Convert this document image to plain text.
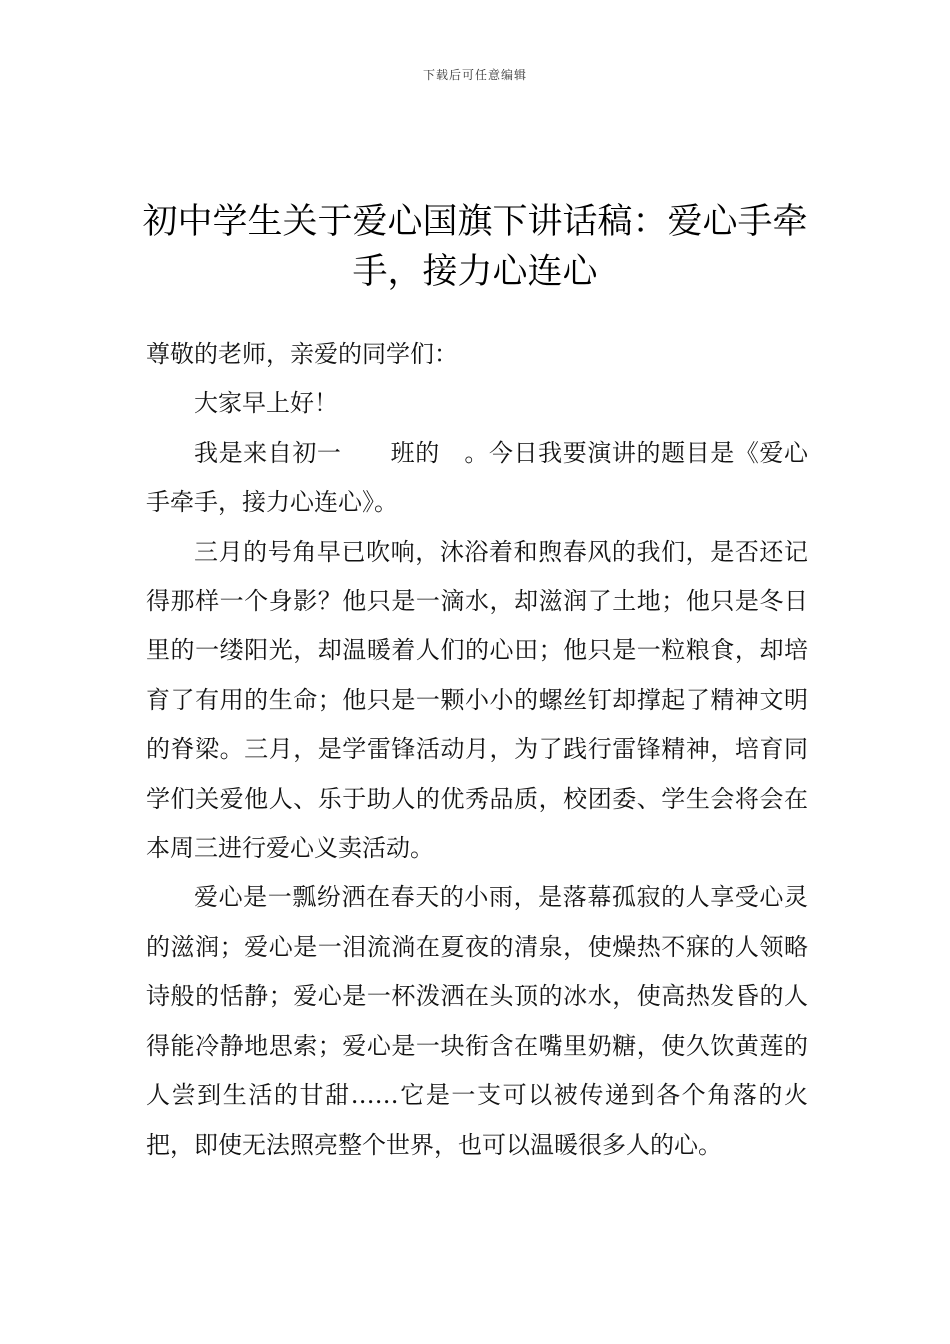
下载后可任意编辑
初中学生关于爱心国旗下讲话稿：爱心手牵手，接力心连心

尊敬的老师，亲爱的同学们：

大家早上好！

我是来自初一　　班的　。今日我要演讲的题目是《爱心手牵手，接力心连心》。

三月的号角早已吹响，沐浴着和煦春风的我们，是否还记得那样一个身影？他只是一滴水，却滋润了土地；他只是冬日里的一缕阳光，却温暖着人们的心田；他只是一粒粮食，却培育了有用的生命；他只是一颗小小的螺丝钉却撑起了精神文明的脊梁。三月，是学雷锋活动月，为了践行雷锋精神，培育同学们关爱他人、乐于助人的优秀品质，校团委、学生会将会在本周三进行爱心义卖活动。

爱心是一瓢纷洒在春天的小雨，是落幕孤寂的人享受心灵的滋润；爱心是一泪流淌在夏夜的清泉，使燥热不寐的人领略诗般的恬静；爱心是一杯泼洒在头顶的冰水，使高热发昏的人得能冷静地思索；爱心是一块衔含在嘴里奶糖，使久饮黄莲的人尝到生活的甘甜……它是一支可以被传递到各个角落的火把，即使无法照亮整个世界，也可以温暖很多人的心。
